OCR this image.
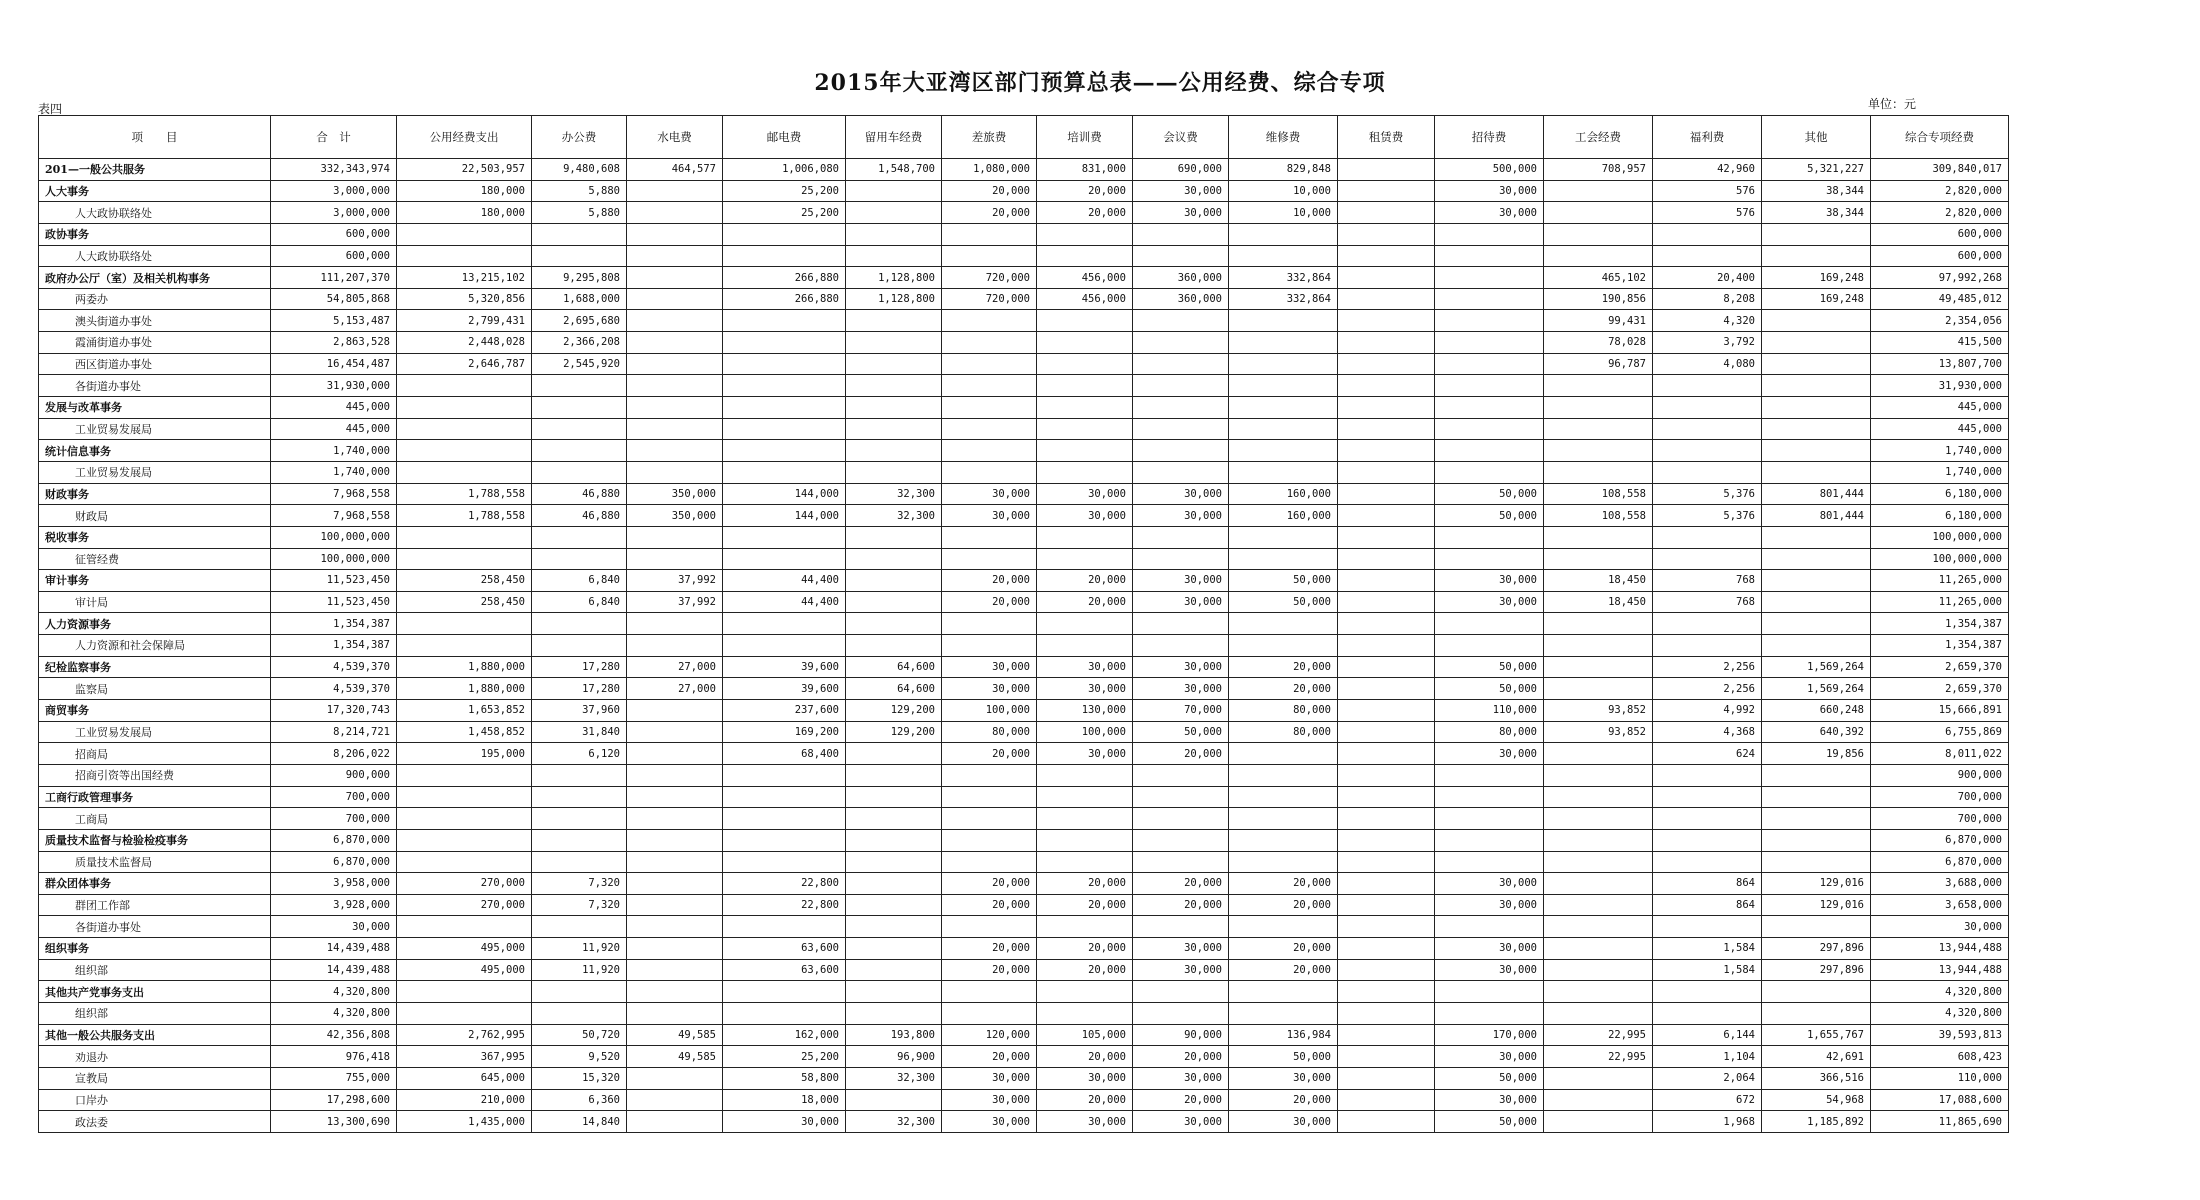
2015年大亚湾区部门预算总表——公用经费、综合专项
表四	单位：元
项　　目	合　计	公用经费支出	办公费	水电费	邮电费	留用车经费	差旅费	培训费	会议费	维修费	租赁费	招待费	工会经费	福利费	其他	综合专项经费
201—一般公共服务	332,343,974	22,503,957	9,480,608	464,577	1,006,080	1,548,700	1,080,000	831,000	690,000	829,848		500,000	708,957	42,960	5,321,227	309,840,017
人大事务	3,000,000	180,000	5,880		25,200		20,000	20,000	30,000	10,000		30,000		576	38,344	2,820,000
人大政协联络处	3,000,000	180,000	5,880		25,200		20,000	20,000	30,000	10,000		30,000		576	38,344	2,820,000
政协事务	600,000															600,000
人大政协联络处	600,000															600,000
政府办公厅（室）及相关机构事务	111,207,370	13,215,102	9,295,808		266,880	1,128,800	720,000	456,000	360,000	332,864			465,102	20,400	169,248	97,992,268
两委办	54,805,868	5,320,856	1,688,000		266,880	1,128,800	720,000	456,000	360,000	332,864			190,856	8,208	169,248	49,485,012
澳头街道办事处	5,153,487	2,799,431	2,695,680										99,431	4,320		2,354,056
霞涌街道办事处	2,863,528	2,448,028	2,366,208										78,028	3,792		415,500
西区街道办事处	16,454,487	2,646,787	2,545,920										96,787	4,080		13,807,700
各街道办事处	31,930,000															31,930,000
发展与改革事务	445,000															445,000
工业贸易发展局	445,000															445,000
统计信息事务	1,740,000															1,740,000
工业贸易发展局	1,740,000															1,740,000
财政事务	7,968,558	1,788,558	46,880	350,000	144,000	32,300	30,000	30,000	30,000	160,000		50,000	108,558	5,376	801,444	6,180,000
财政局	7,968,558	1,788,558	46,880	350,000	144,000	32,300	30,000	30,000	30,000	160,000		50,000	108,558	5,376	801,444	6,180,000
税收事务	100,000,000															100,000,000
征管经费	100,000,000															100,000,000
审计事务	11,523,450	258,450	6,840	37,992	44,400		20,000	20,000	30,000	50,000		30,000	18,450	768		11,265,000
审计局	11,523,450	258,450	6,840	37,992	44,400		20,000	20,000	30,000	50,000		30,000	18,450	768		11,265,000
人力资源事务	1,354,387															1,354,387
人力资源和社会保障局	1,354,387															1,354,387
纪检监察事务	4,539,370	1,880,000	17,280	27,000	39,600	64,600	30,000	30,000	30,000	20,000		50,000		2,256	1,569,264	2,659,370
监察局	4,539,370	1,880,000	17,280	27,000	39,600	64,600	30,000	30,000	30,000	20,000		50,000		2,256	1,569,264	2,659,370
商贸事务	17,320,743	1,653,852	37,960		237,600	129,200	100,000	130,000	70,000	80,000		110,000	93,852	4,992	660,248	15,666,891
工业贸易发展局	8,214,721	1,458,852	31,840		169,200	129,200	80,000	100,000	50,000	80,000		80,000	93,852	4,368	640,392	6,755,869
招商局	8,206,022	195,000	6,120		68,400		20,000	30,000	20,000			30,000		624	19,856	8,011,022
招商引资等出国经费	900,000															900,000
工商行政管理事务	700,000															700,000
工商局	700,000															700,000
质量技术监督与检验检疫事务	6,870,000															6,870,000
质量技术监督局	6,870,000															6,870,000
群众团体事务	3,958,000	270,000	7,320		22,800		20,000	20,000	20,000	20,000		30,000		864	129,016	3,688,000
群团工作部	3,928,000	270,000	7,320		22,800		20,000	20,000	20,000	20,000		30,000		864	129,016	3,658,000
各街道办事处	30,000															30,000
组织事务	14,439,488	495,000	11,920		63,600		20,000	20,000	30,000	20,000		30,000		1,584	297,896	13,944,488
组织部	14,439,488	495,000	11,920		63,600		20,000	20,000	30,000	20,000		30,000		1,584	297,896	13,944,488
其他共产党事务支出	4,320,800															4,320,800
组织部	4,320,800															4,320,800
其他一般公共服务支出	42,356,808	2,762,995	50,720	49,585	162,000	193,800	120,000	105,000	90,000	136,984		170,000	22,995	6,144	1,655,767	39,593,813
劝退办	976,418	367,995	9,520	49,585	25,200	96,900	20,000	20,000	20,000	50,000		30,000	22,995	1,104	42,691	608,423
宣教局	755,000	645,000	15,320		58,800	32,300	30,000	30,000	30,000	30,000		50,000		2,064	366,516	110,000
口岸办	17,298,600	210,000	6,360		18,000		30,000	20,000	20,000	20,000		30,000		672	54,968	17,088,600
政法委	13,300,690	1,435,000	14,840		30,000	32,300	30,000	30,000	30,000	30,000		50,000		1,968	1,185,892	11,865,690
